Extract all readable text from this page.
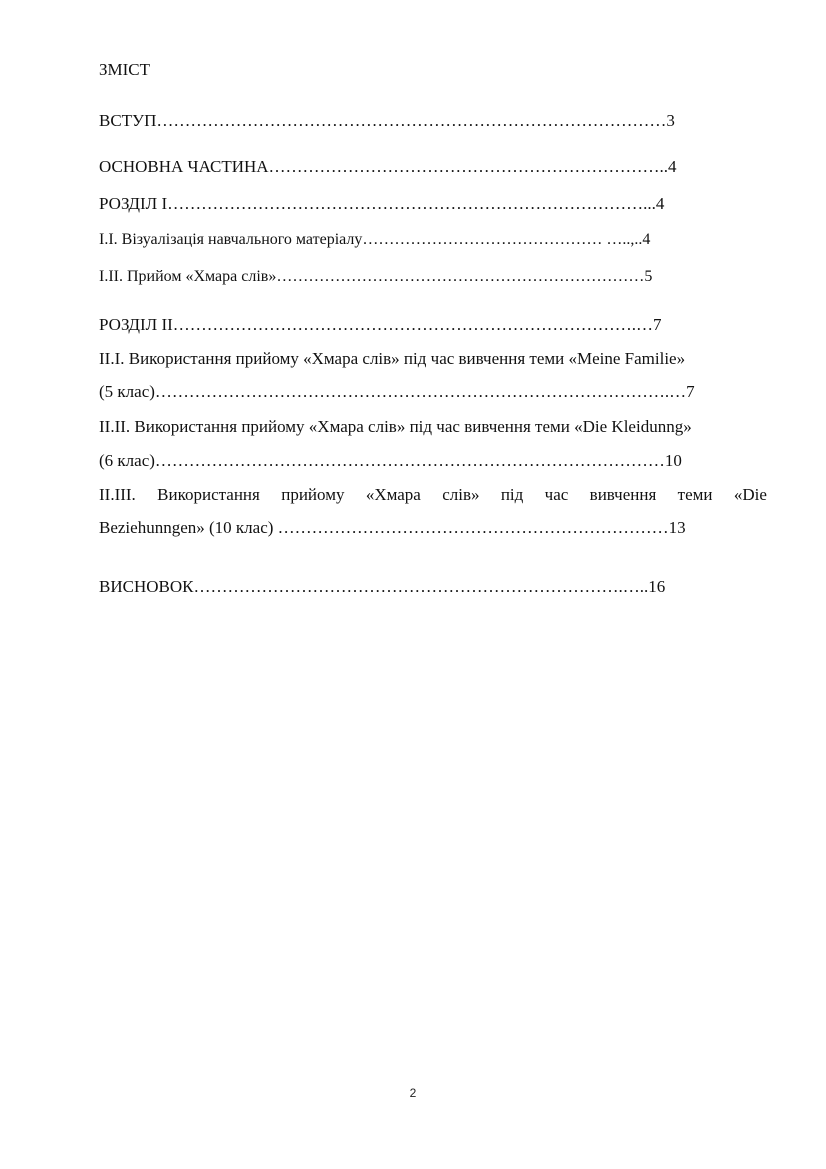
ЗМІСТ
ВСТУП………………………………………………………………………………3
ОСНОВНА ЧАСТИНА……………………………………………………………..4
РОЗДІЛ І…………………………………………………………………………...4
І.І. Візуалізація навчального матеріалу……………………………………… …..,..4
І.ІІ. Прийом «Хмара слів»……………………………………………………………5
РОЗДІЛ ІІ……………………………………………………………………….…7
ІІ.І. Використання прийому «Хмара слів» під час вивчення теми «Meine Familie»
(5 клас)……………………………………………………………………………….…7
ІІ.ІІ. Використання прийому «Хмара слів» під час вивчення теми «Die Kleidunng»
(6 клас)………………………………………………………………………………10
ІІ.ІІІ. Використання прийому «Хмара слів» під час вивчення теми «Die
Beziehunngen» (10 клас) ……………………………………………………………13
ВИСНОВОК………………………………………………………………….…..16
2
